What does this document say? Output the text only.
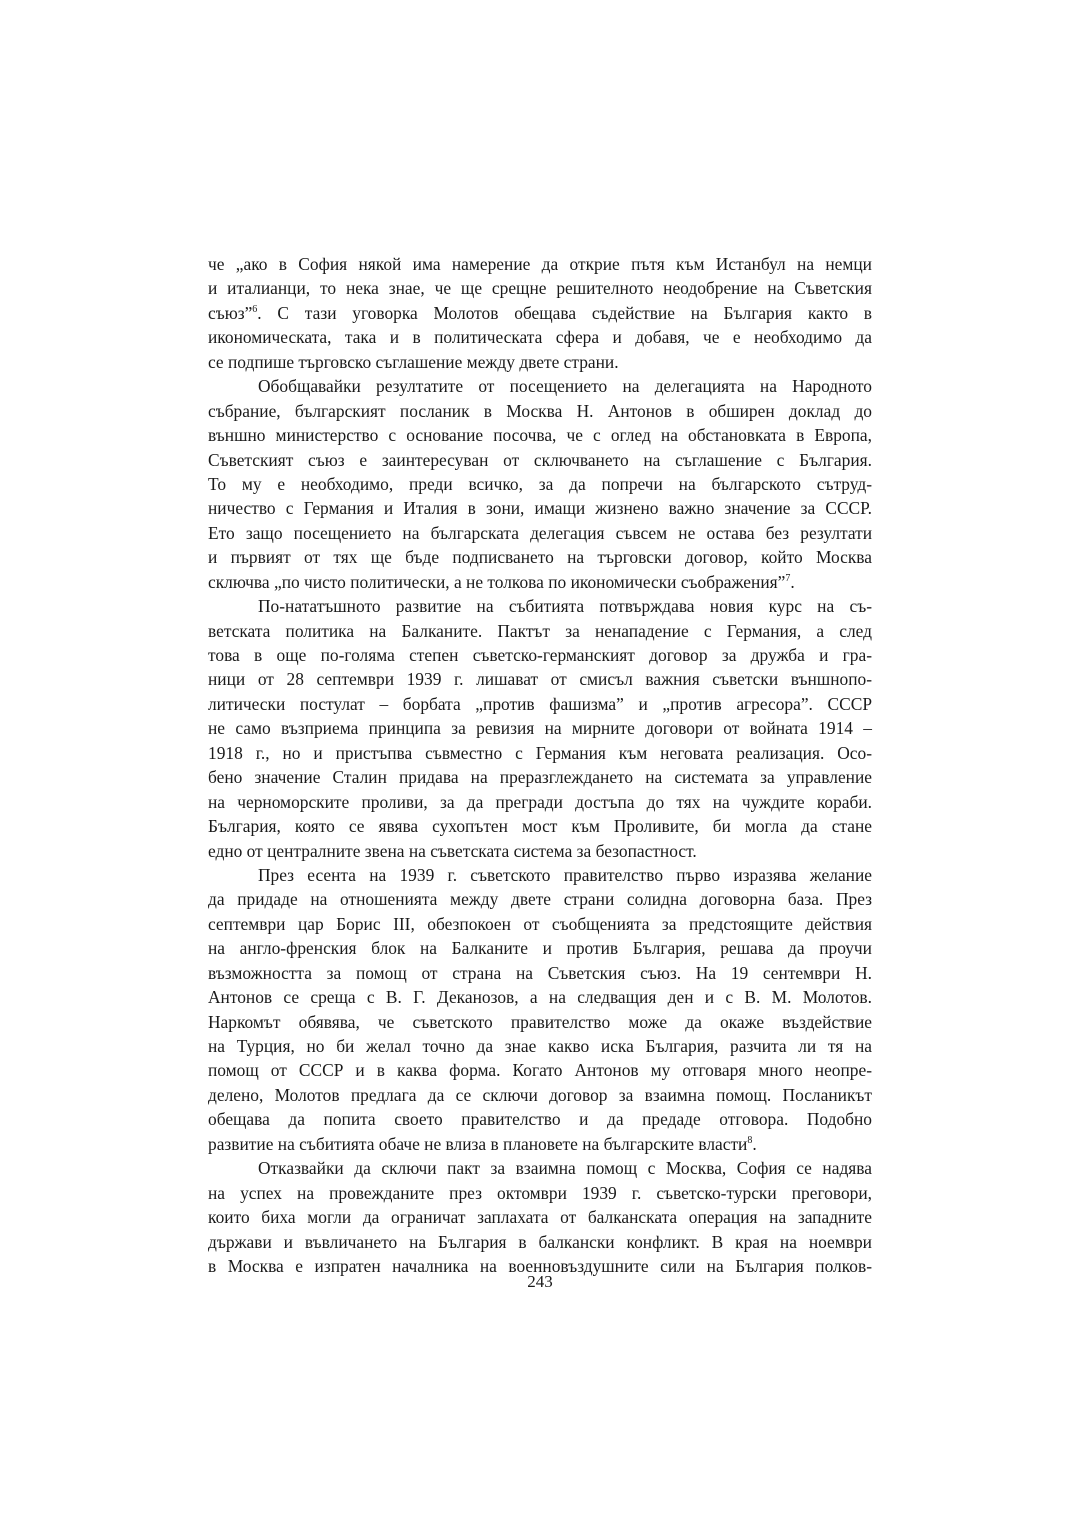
че „ако в София някой има намерение да открие пътя към Истанбул на немци
и италианци, то нека знае, че ще срещне решителното неодобрение на Съветския
съюз”$^6$. С тази уговорка Молотов обещава съдействие на България както в
икономическата, така и в политическата сфера и добавя, че е необходимо да
се подпише търговско съглашение между двете страни.
Обобщавайки резултатите от посещението на делегацията на Народното
събрание, българският посланик в Москва Н. Антонов в обширен доклад до
външно министерство с основание посочва, че с оглед на обстановката в Европа,
Съветският съюз е заинтересуван от сключването на съглашение с България.
То му е необходимо, преди всичко, за да попречи на българското сътруд-
ничество с Германия и Италия в зони, имащи жизнено важно значение за СССР.
Ето защо посещението на българската делегация съвсем не остава без резултати
и първият от тях ще бъде подписването на търговски договор, който Москва
сключва „по чисто политически, а не толкова по икономически съображения”$^7$.
По-нататъшното развитие на събитията потвърждава новия курс на съ-
ветската политика на Балканите. Пактът за ненападение с Германия, а след
това в още по-голяма степен съветско-германският договор за дружба и гра-
ници от 28 септември 1939 г. лишават от смисъл важния съветски външнопо-
литически постулат – борбата „против фашизма” и „против агресора”. СССР
не само възприема принципа за ревизия на мирните договори от войната 1914 –
1918 г., но и пристъпва съвместно с Германия към неговата реализация. Осо-
бено значение Сталин придава на преразглеждането на системата за управление
на черноморските проливи, за да прегради достъпа до тях на чуждите кораби.
България, която се явява сухопътен мост към Проливите, би могла да стане
едно от централните звена на съветската система за безопастност.
През есента на 1939 г. съветското правителство първо изразява желание
да придаде на отношенията между двете страни солидна договорна база. През
септември цар Борис III, обезпокоен от съобщенията за предстоящите действия
на англо-френския блок на Балканите и против България, решава да проучи
възможността за помощ от страна на Съветския съюз. На 19 сентември Н.
Антонов се среща с В. Г. Деканозов, а на следващия ден и с В. М. Молотов.
Наркомът обявява, че съветското правителство може да окаже въздействие
на Турция, но би желал точно да знае какво иска България, разчита ли тя на
помощ от СССР и в каква форма. Когато Антонов му отговаря много неопре-
делено, Молотов предлага да се сключи договор за взаимна помощ. Посланикът
обещава да попита своето правителство и да предаде отговора. Подобно
развитие на събитията обаче не влиза в плановете на българските власти$^8$.
Отказвайки да сключи пакт за взаимна помощ с Москва, София се надява
на успех на провежданите през октомври 1939 г. съветско-турски преговори,
които биха могли да ограничат заплахата от балканската операция на западните
държави и въвличането на България в балкански конфликт. В края на ноември
в Москва е изпратен началника на военновъздушните сили на България полков-
243
